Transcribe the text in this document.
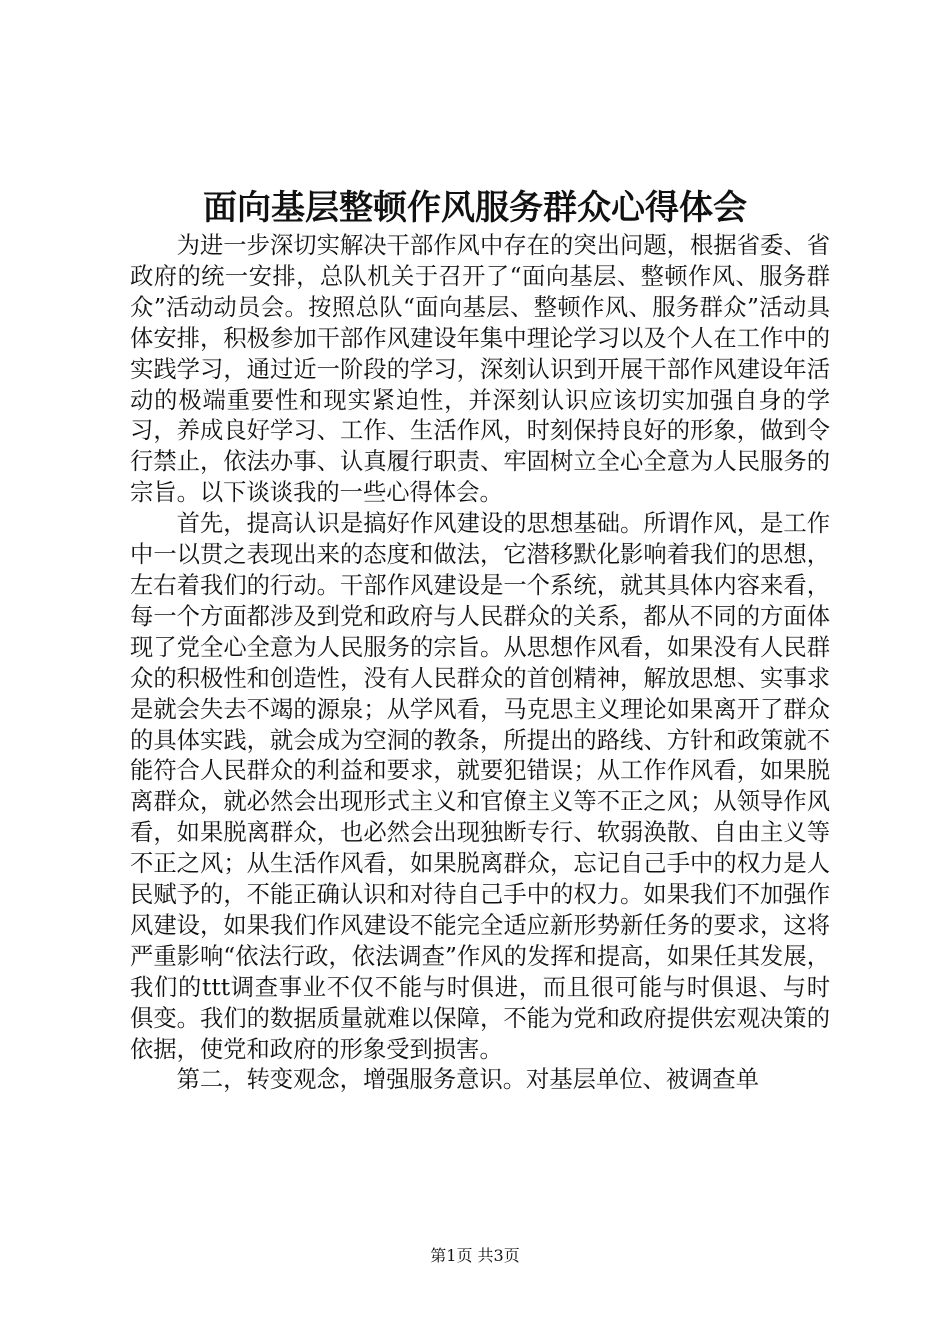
面向基层整顿作风服务群众心得体会

为进一步深切实解决干部作风中存在的突出问题，根据省委、省政府的统一安排，总队机关于召开了“面向基层、整顿作风、服务群众”活动动员会。按照总队“面向基层、整顿作风、服务群众”活动具体安排，积极参加干部作风建设年集中理论学习以及个人在工作中的实践学习，通过近一阶段的学习，深刻认识到开展干部作风建设年活动的极端重要性和现实紧迫性，并深刻认识应该切实加强自身的学习，养成良好学习、工作、生活作风，时刻保持良好的形象，做到令行禁止，依法办事、认真履行职责、牢固树立全心全意为人民服务的宗旨。以下谈谈我的一些心得体会。

首先，提高认识是搞好作风建设的思想基础。所谓作风，是工作中一以贯之表现出来的态度和做法，它潜移默化影响着我们的思想，左右着我们的行动。干部作风建设是一个系统，就其具体内容来看，每一个方面都涉及到党和政府与人民群众的关系，都从不同的方面体现了党全心全意为人民服务的宗旨。从思想作风看，如果没有人民群众的积极性和创造性，没有人民群众的首创精神，解放思想、实事求是就会失去不竭的源泉；从学风看，马克思主义理论如果离开了群众的具体实践，就会成为空洞的教条，所提出的路线、方针和政策就不能符合人民群众的利益和要求，就要犯错误；从工作作风看，如果脱离群众，就必然会出现形式主义和官僚主义等不正之风；从领导作风看，如果脱离群众，也必然会出现独断专行、软弱涣散、自由主义等不正之风；从生活作风看，如果脱离群众，忘记自己手中的权力是人民赋予的，不能正确认识和对待自己手中的权力。如果我们不加强作风建设，如果我们作风建设不能完全适应新形势新任务的要求，这将严重影响“依法行政，依法调查”作风的发挥和提高，如果任其发展，我们的ttt调查事业不仅不能与时俱进，而且很可能与时俱退、与时俱变。我们的数据质量就难以保障，不能为党和政府提供宏观决策的依据，使党和政府的形象受到损害。

第二，转变观念，增强服务意识。对基层单位、被调查单

第1页 共3页
